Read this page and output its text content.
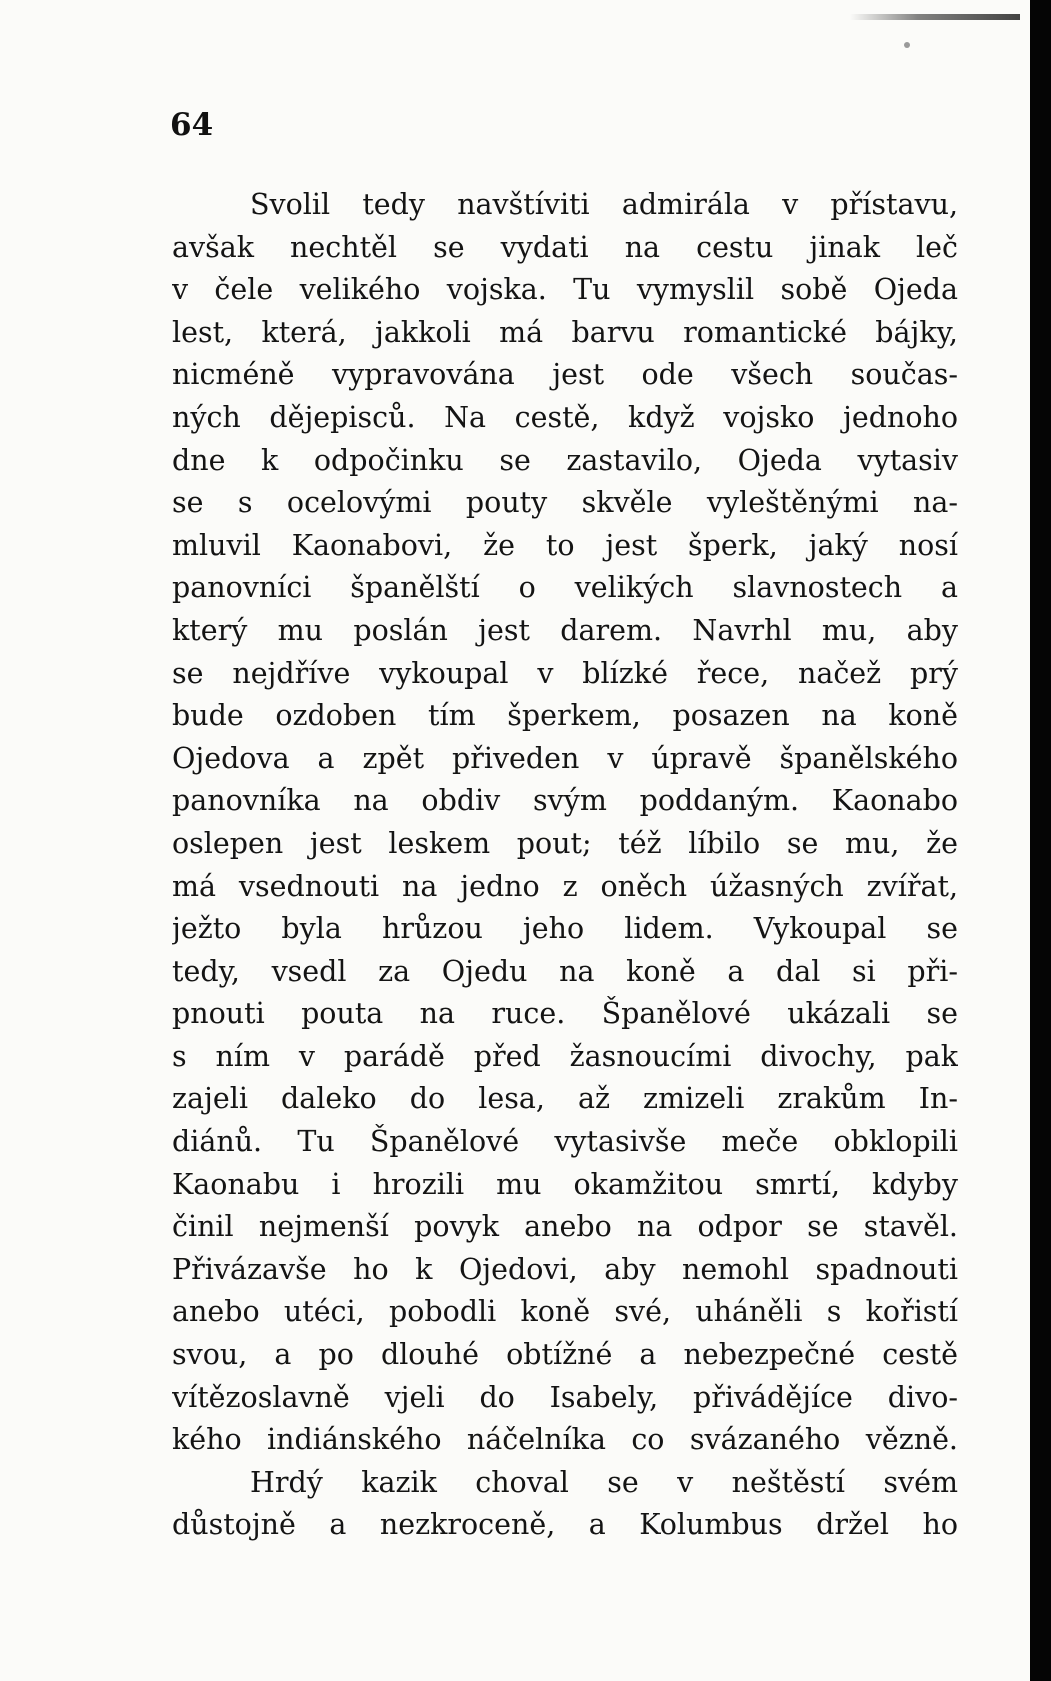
64
Svolil tedy navštíviti admirála v přístavu,
avšak nechtěl se vydati na cestu jinak leč
v čele velikého vojska. Tu vymyslil sobě Ojeda
lest, která, jakkoli má barvu romantické bájky,
nicméně vypravována jest ode všech součas-
ných dějepisců. Na cestě, když vojsko jednoho
dne k odpočinku se zastavilo, Ojeda vytasiv
se s ocelovými pouty skvěle vyleštěnými na-
mluvil Kaonabovi, že to jest šperk, jaký nosí
panovníci španělští o velikých slavnostech a
který mu poslán jest darem. Navrhl mu, aby
se nejdříve vykoupal v blízké řece, načež prý
bude ozdoben tím šperkem, posazen na koně
Ojedova a zpět přiveden v úpravě španělského
panovníka na obdiv svým poddaným. Kaonabo
oslepen jest leskem pout; též líbilo se mu, že
má vsednouti na jedno z oněch úžasných zvířat,
ježto byla hrůzou jeho lidem. Vykoupal se
tedy, vsedl za Ojedu na koně a dal si při-
pnouti pouta na ruce. Španělové ukázali se
s ním v parádě před žasnoucími divochy, pak
zajeli daleko do lesa, až zmizeli zrakům In-
diánů. Tu Španělové vytasivše meče obklopili
Kaonabu i hrozili mu okamžitou smrtí, kdyby
činil nejmenší povyk anebo na odpor se stavěl.
Přivázavše ho k Ojedovi, aby nemohl spadnouti
anebo utéci, pobodli koně své, uháněli s kořistí
svou, a po dlouhé obtížné a nebezpečné cestě
vítězoslavně vjeli do Isabely, přivádějíce divo-
kého indiánského náčelníka co svázaného vězně.
Hrdý kazik choval se v neštěstí svém
důstojně a nezkroceně, a Kolumbus držel ho
